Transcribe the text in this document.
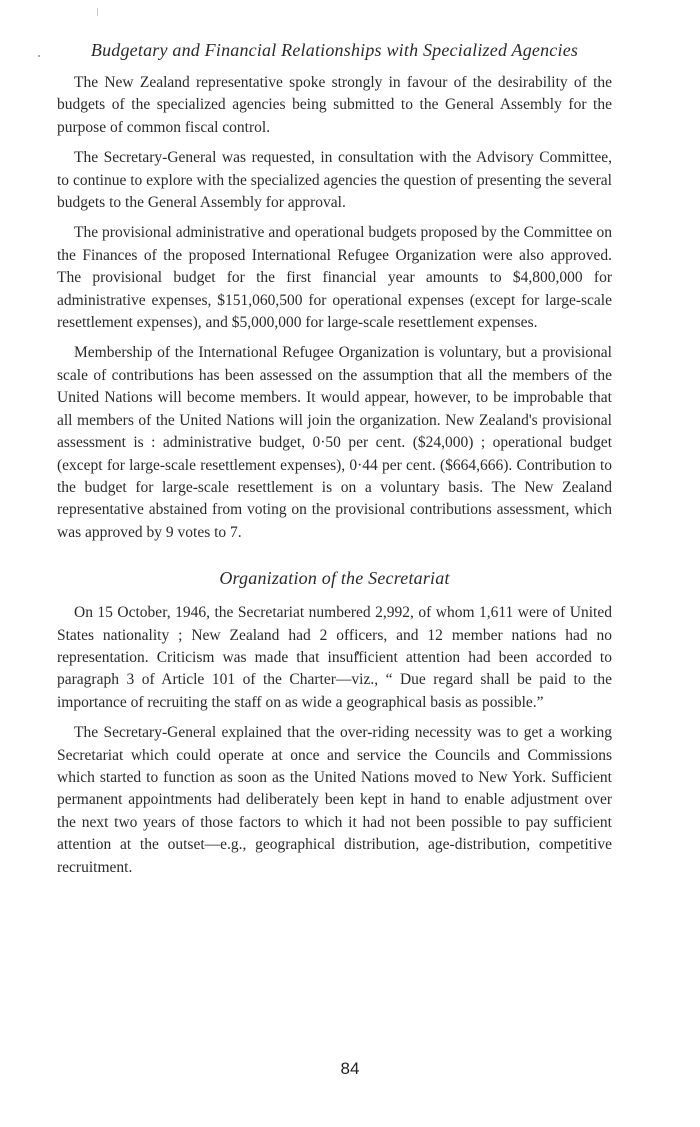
Budgetary and Financial Relationships with Specialized Agencies

The New Zealand representative spoke strongly in favour of the desirability of the budgets of the specialized agencies being submitted to the General Assembly for the purpose of common fiscal control.

The Secretary-General was requested, in consultation with the Advisory Committee, to continue to explore with the specialized agencies the question of presenting the several budgets to the General Assembly for approval.

The provisional administrative and operational budgets proposed by the Committee on the Finances of the proposed International Refugee Organization were also approved. The provisional budget for the first financial year amounts to $4,800,000 for administrative expenses, $151,060,500 for operational expenses (except for large-scale resettlement expenses), and $5,000,000 for large-scale resettlement expenses.

Membership of the International Refugee Organization is voluntary, but a provisional scale of contributions has been assessed on the assumption that all the members of the United Nations will become members. It would appear, however, to be improbable that all members of the United Nations will join the organization. New Zealand's provisional assessment is : administrative budget, 0·50 per cent. ($24,000) ; operational budget (except for large-scale resettlement expenses), 0·44 per cent. ($664,666). Contribution to the budget for large-scale resettlement is on a voluntary basis. The New Zealand representative abstained from voting on the provisional contributions assessment, which was approved by 9 votes to 7.

Organization of the Secretariat

On 15 October, 1946, the Secretariat numbered 2,992, of whom 1,611 were of United States nationality ; New Zealand had 2 officers, and 12 member nations had no representation. Criticism was made that insufficient attention had been accorded to paragraph 3 of Article 101 of the Charter—viz., “ Due regard shall be paid to the importance of recruiting the staff on as wide a geographical basis as possible.”

The Secretary-General explained that the over-riding necessity was to get a working Secretariat which could operate at once and service the Councils and Commissions which started to function as soon as the United Nations moved to New York. Sufficient permanent appointments had deliberately been kept in hand to enable adjustment over the next two years of those factors to which it had not been possible to pay sufficient attention at the outset—e.g., geographical distribution, age-distribution, competitive recruitment.

84
